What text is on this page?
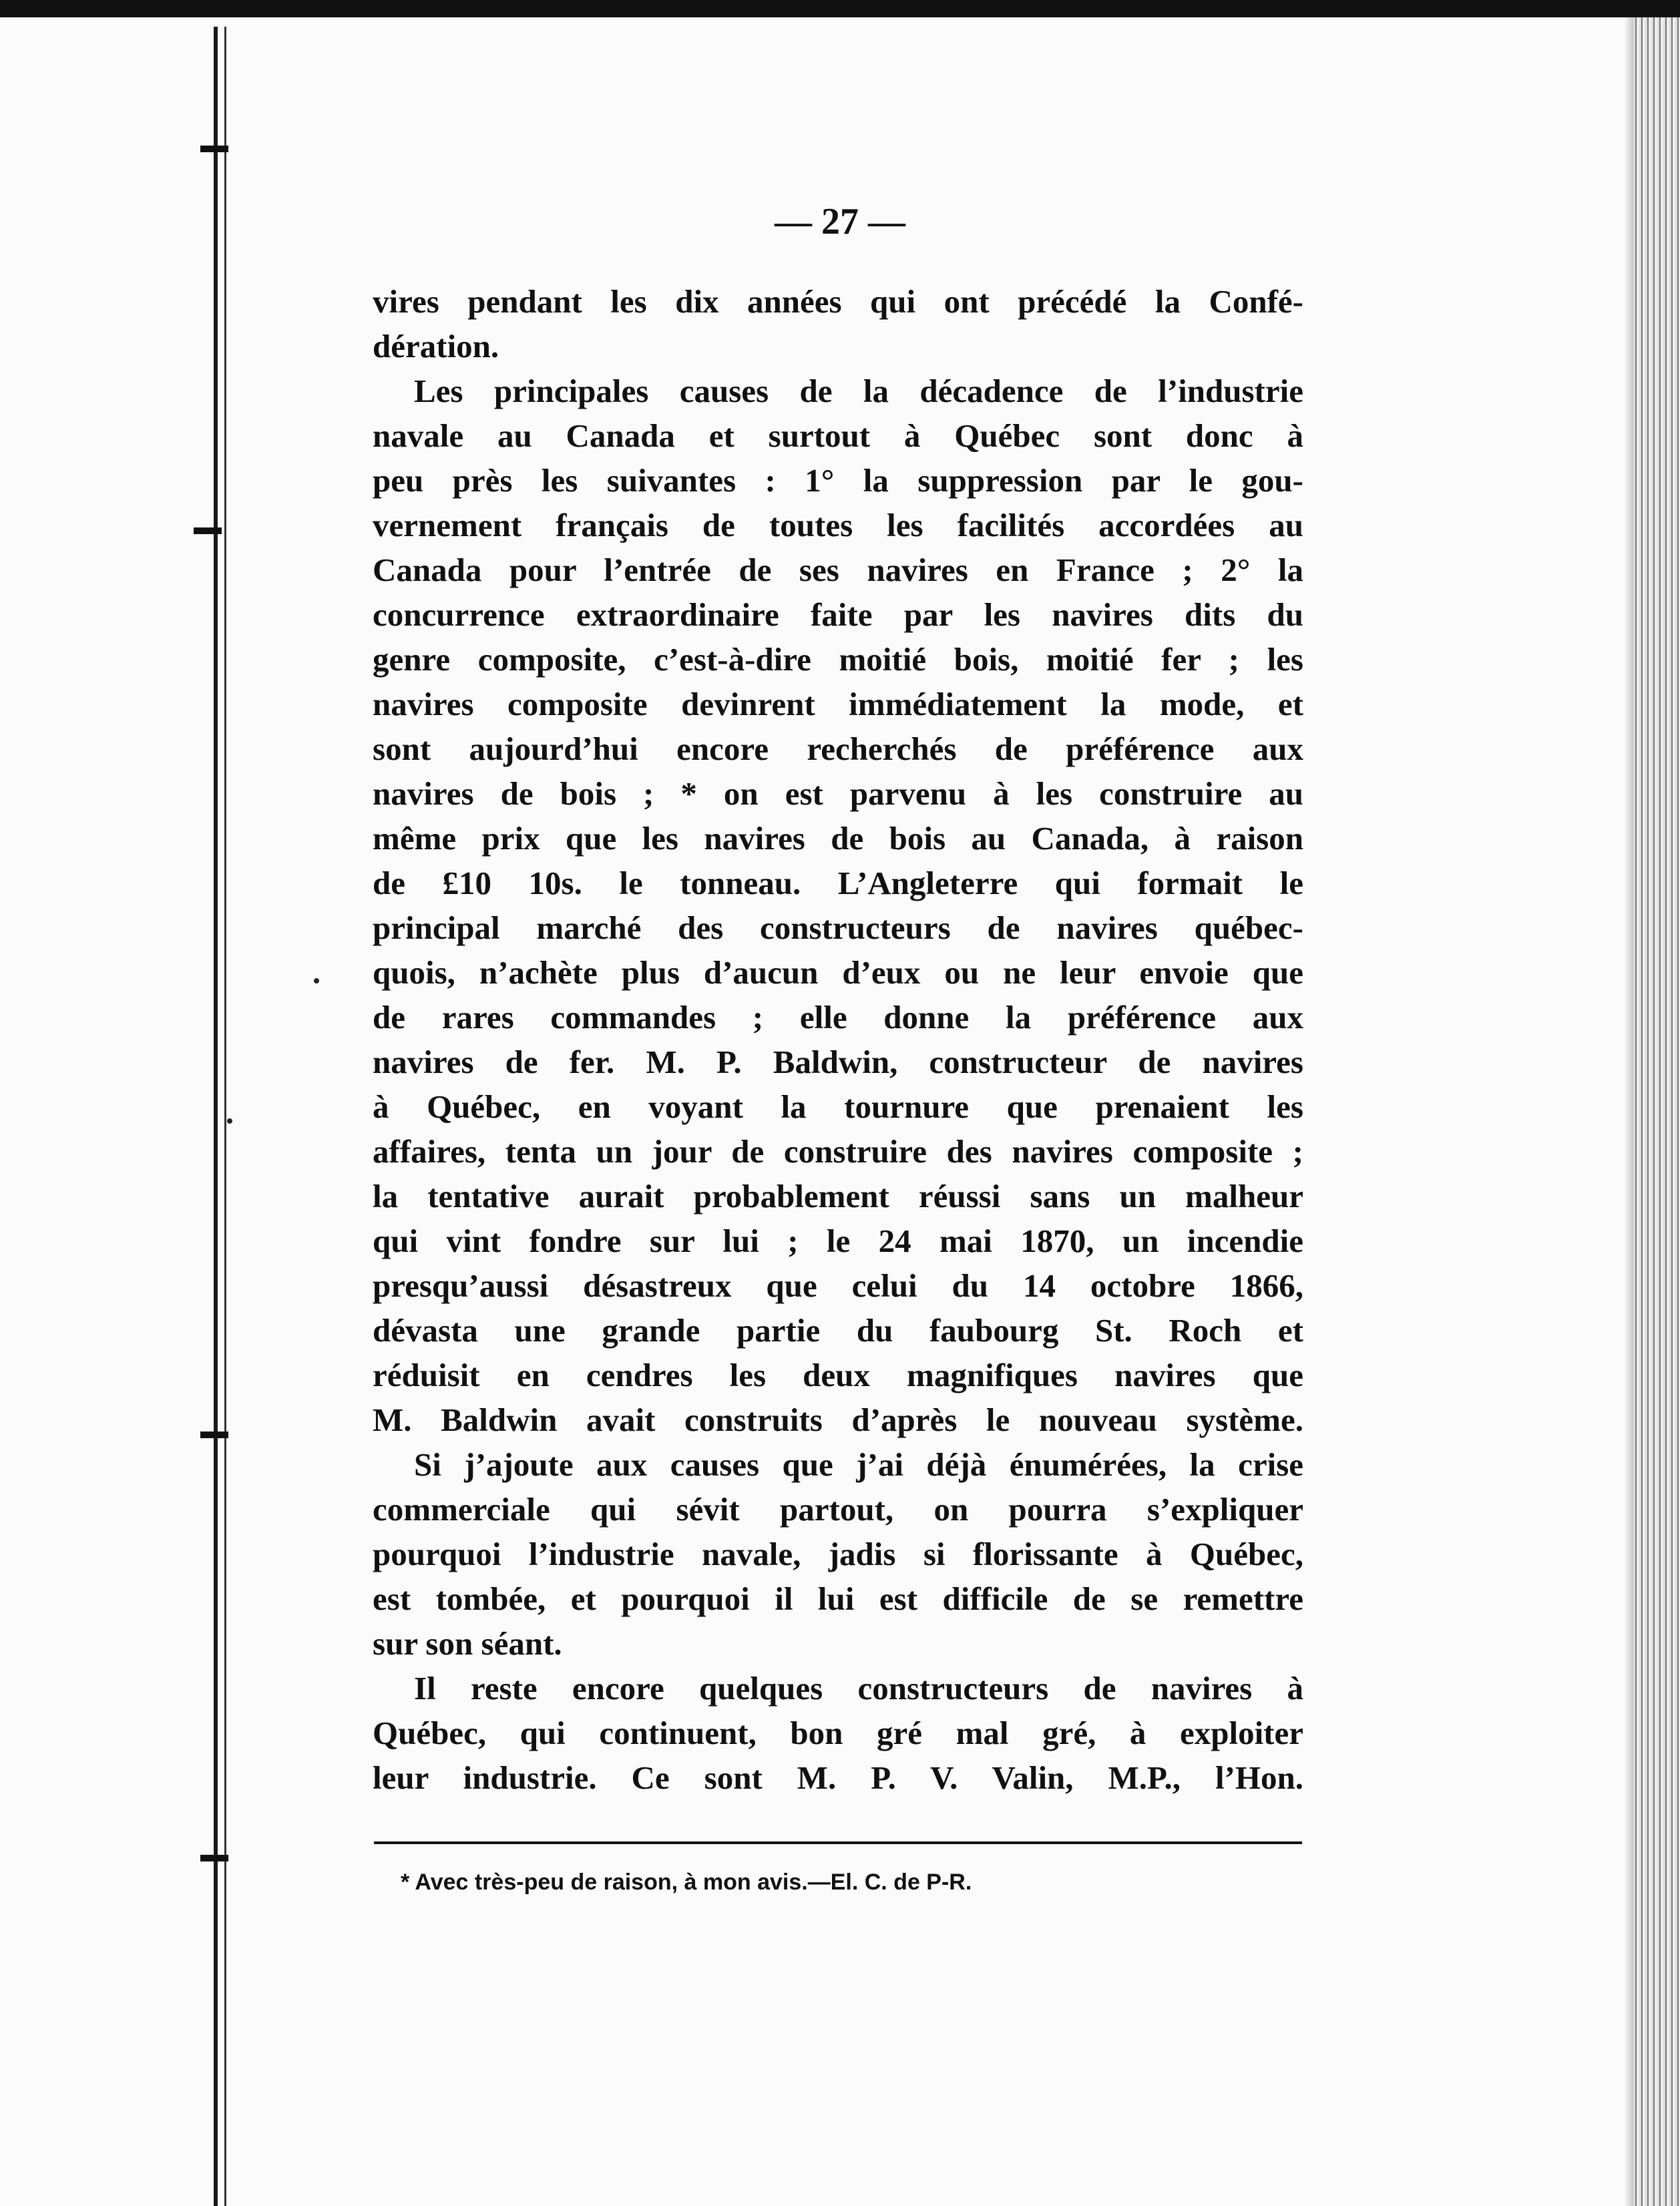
— 27 —
vires pendant les dix années qui ont précédé la Confé-
dération.
Les principales causes de la décadence de l’industrie
navale au Canada et surtout à Québec sont donc à
peu près les suivantes : 1° la suppression par le gou-
vernement français de toutes les facilités accordées au
Canada pour l’entrée de ses navires en France ; 2° la
concurrence extraordinaire faite par les navires dits du
genre composite, c’est-à-dire moitié bois, moitié fer ; les
navires composite devinrent immédiatement la mode, et
sont aujourd’hui encore recherchés de préférence aux
navires de bois ; * on est parvenu à les construire au
même prix que les navires de bois au Canada, à raison
de £10 10s. le tonneau. L’Angleterre qui formait le
principal marché des constructeurs de navires québec-
quois, n’achète plus d’aucun d’eux ou ne leur envoie que
de rares commandes ; elle donne la préférence aux
navires de fer. M. P. Baldwin, constructeur de navires
à Québec, en voyant la tournure que prenaient les
affaires, tenta un jour de construire des navires composite ;
la tentative aurait probablement réussi sans un malheur
qui vint fondre sur lui ; le 24 mai 1870, un incendie
presqu’aussi désastreux que celui du 14 octobre 1866,
dévasta une grande partie du faubourg St. Roch et
réduisit en cendres les deux magnifiques navires que
M. Baldwin avait construits d’après le nouveau système.
Si j’ajoute aux causes que j’ai déjà énumérées, la crise
commerciale qui sévit partout, on pourra s’expliquer
pourquoi l’industrie navale, jadis si florissante à Québec,
est tombée, et pourquoi il lui est difficile de se remettre
sur son séant.
Il reste encore quelques constructeurs de navires à
Québec, qui continuent, bon gré mal gré, à exploiter
leur industrie. Ce sont M. P. V. Valin, M.P., l’Hon.
* Avec très-peu de raison, à mon avis.—El. C. de P-R.
